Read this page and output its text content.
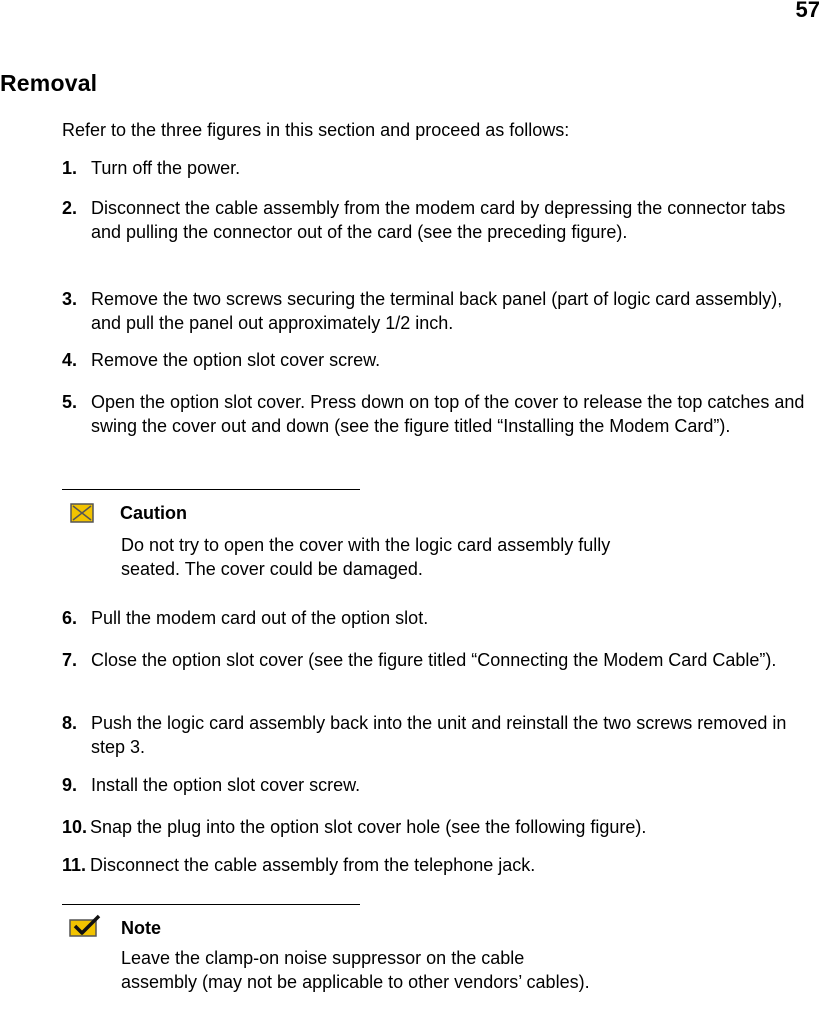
57
Removal
Refer to the three figures in this section and proceed as follows:
1. Turn off the power.
2. Disconnect the cable assembly from the modem card by depressing the connector tabs and pulling the connector out of the card (see the preceding figure).
3. Remove the two screws securing the terminal back panel (part of logic card assembly), and pull the panel out approximately 1/2 inch.
4. Remove the option slot cover screw.
5. Open the option slot cover. Press down on top of the cover to release the top catches and swing the cover out and down (see the figure titled “Installing the Modem Card”).
Caution
Do not try to open the cover with the logic card assembly fully seated. The cover could be damaged.
6. Pull the modem card out of the option slot.
7. Close the option slot cover (see the figure titled “Connecting the Modem Card Cable”).
8. Push the logic card assembly back into the unit and reinstall the two screws removed in step 3.
9. Install the option slot cover screw.
10. Snap the plug into the option slot cover hole (see the following figure).
11. Disconnect the cable assembly from the telephone jack.
Note
Leave the clamp-on noise suppressor on the cable assembly (may not be applicable to other vendors’ cables).
